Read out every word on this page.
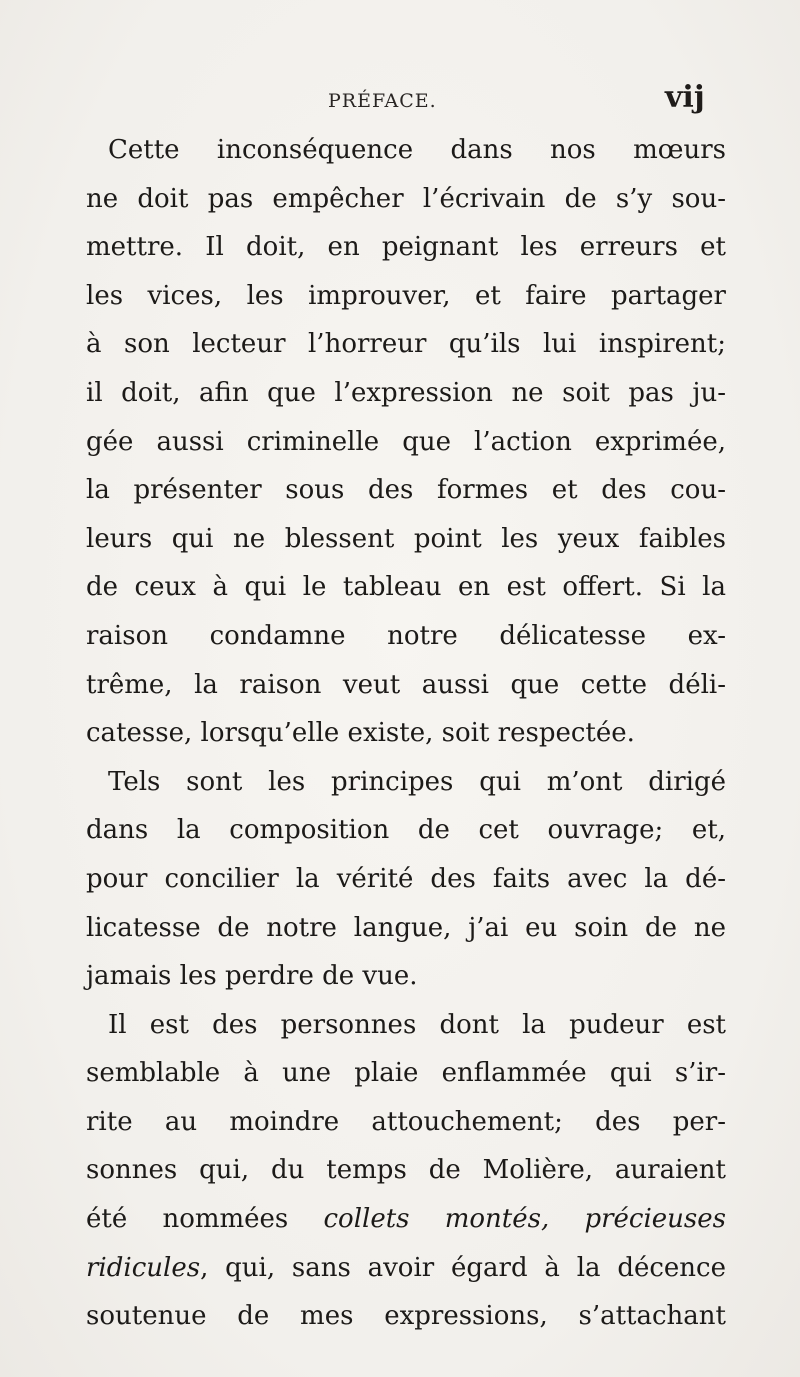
PRÉFACE.	vij
Cette inconséquence dans nos mœurs
ne doit pas empêcher l’écrivain de s’y sou-
mettre. Il doit, en peignant les erreurs et
les vices, les improuver, et faire partager
à son lecteur l’horreur qu’ils lui inspirent;
il doit, afin que l’expression ne soit pas ju-
gée aussi criminelle que l’action exprimée,
la présenter sous des formes et des cou-
leurs qui ne blessent point les yeux faibles
de ceux à qui le tableau en est offert. Si la
raison condamne notre délicatesse ex-
trême, la raison veut aussi que cette déli-
catesse, lorsqu’elle existe, soit respectée.
Tels sont les principes qui m’ont dirigé
dans la composition de cet ouvrage; et,
pour concilier la vérité des faits avec la dé-
licatesse de notre langue, j’ai eu soin de ne
jamais les perdre de vue.
Il est des personnes dont la pudeur est
semblable à une plaie enflammée qui s’ir-
rite au moindre attouchement; des per-
sonnes qui, du temps de Molière, auraient
été nommées collets montés, précieuses
ridicules, qui, sans avoir égard à la décence
soutenue de mes expressions, s’attachant
